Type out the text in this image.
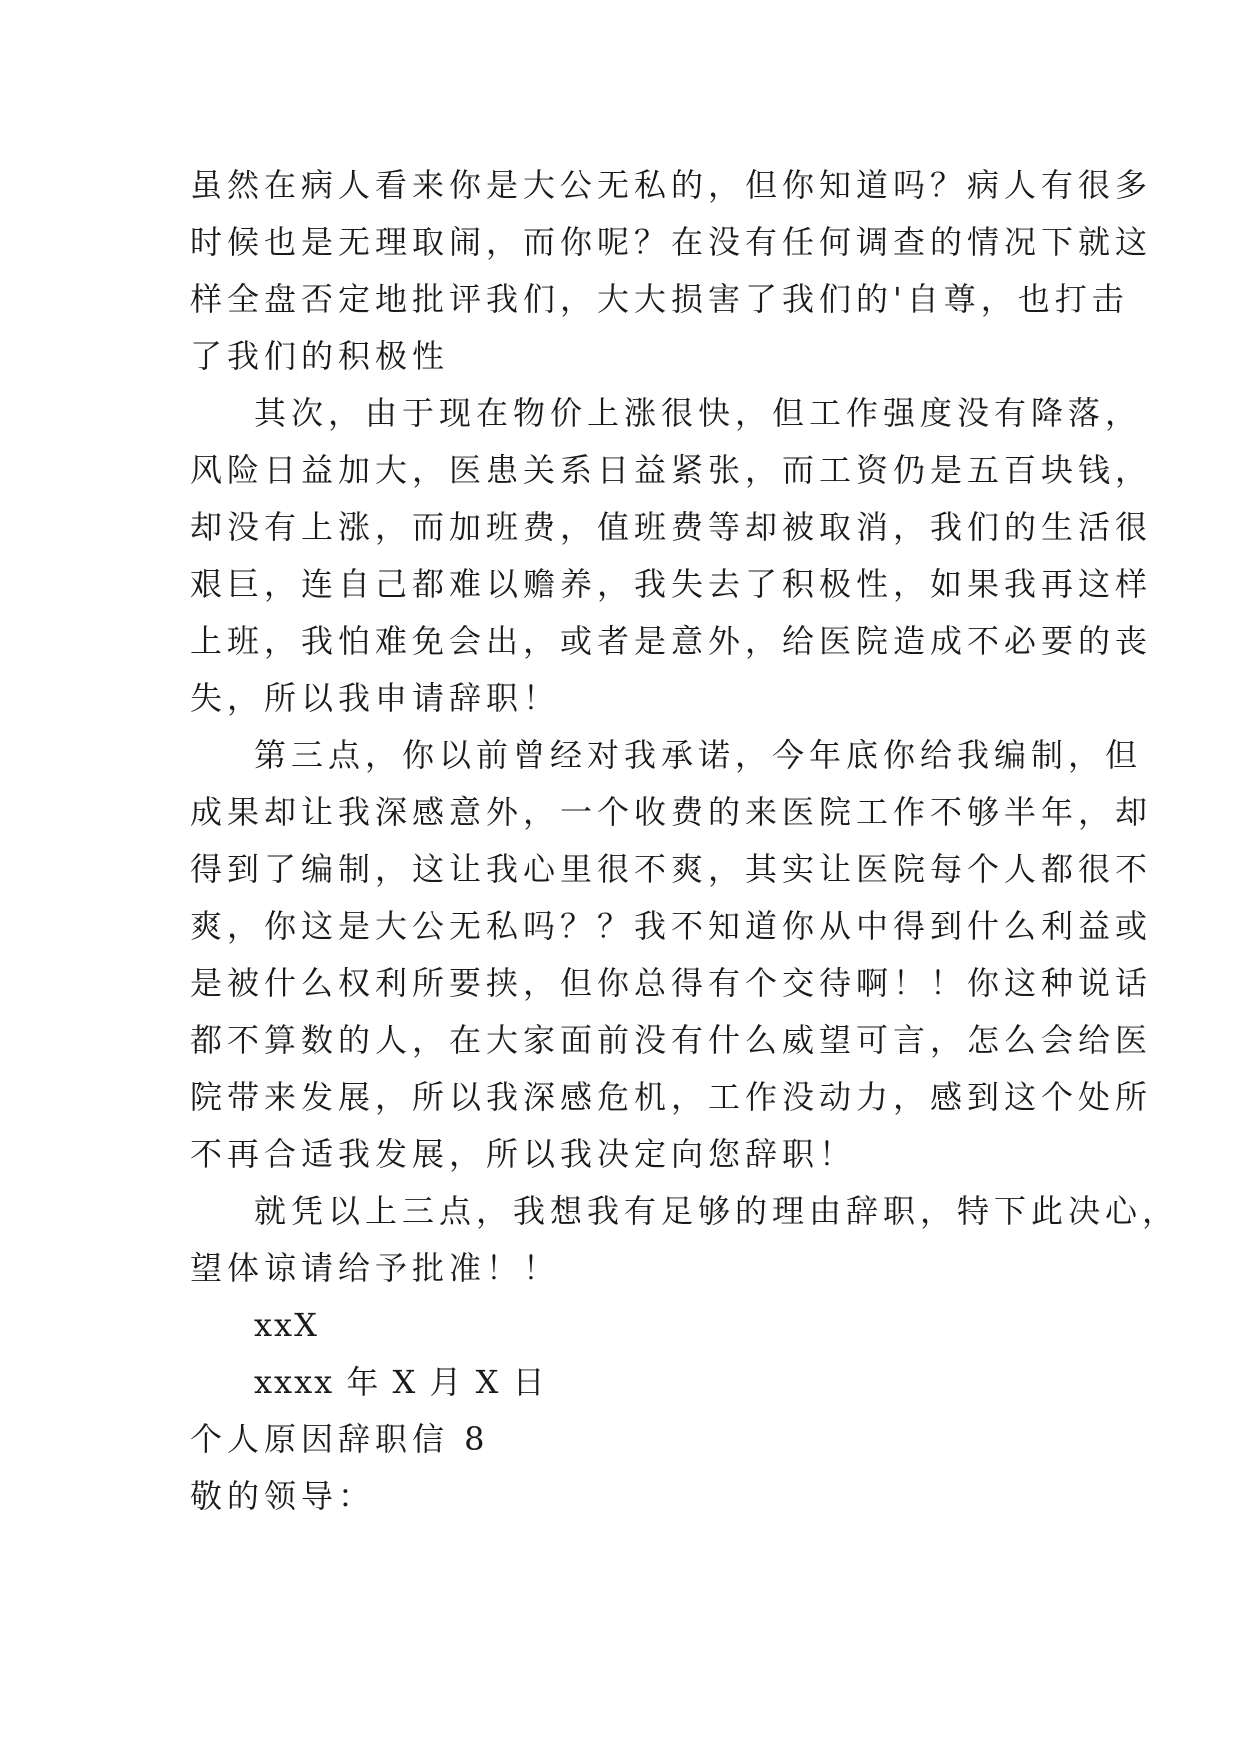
虽然在病人看来你是大公无私的，但你知道吗？病人有很多
时候也是无理取闹，而你呢？在没有任何调查的情况下就这
样全盘否定地批评我们，大大损害了我们的'自尊，也打击
了我们的积极性
其次，由于现在物价上涨很快，但工作强度没有降落，
风险日益加大，医患关系日益紧张，而工资仍是五百块钱，
却没有上涨，而加班费，值班费等却被取消，我们的生活很
艰巨，连自己都难以赡养，我失去了积极性，如果我再这样
上班，我怕难免会出，或者是意外，给医院造成不必要的丧
失，所以我申请辞职！
第三点，你以前曾经对我承诺，今年底你给我编制，但
成果却让我深感意外，一个收费的来医院工作不够半年，却
得到了编制，这让我心里很不爽，其实让医院每个人都很不
爽，你这是大公无私吗？？我不知道你从中得到什么利益或
是被什么权利所要挟，但你总得有个交待啊！！你这种说话
都不算数的人，在大家面前没有什么威望可言，怎么会给医
院带来发展，所以我深感危机，工作没动力，感到这个处所
不再合适我发展，所以我决定向您辞职！
就凭以上三点，我想我有足够的理由辞职，特下此决心，
望体谅请给予批准！！
xxX
xxxx 年 X 月 X 日
个人原因辞职信 8
敬的领导：
